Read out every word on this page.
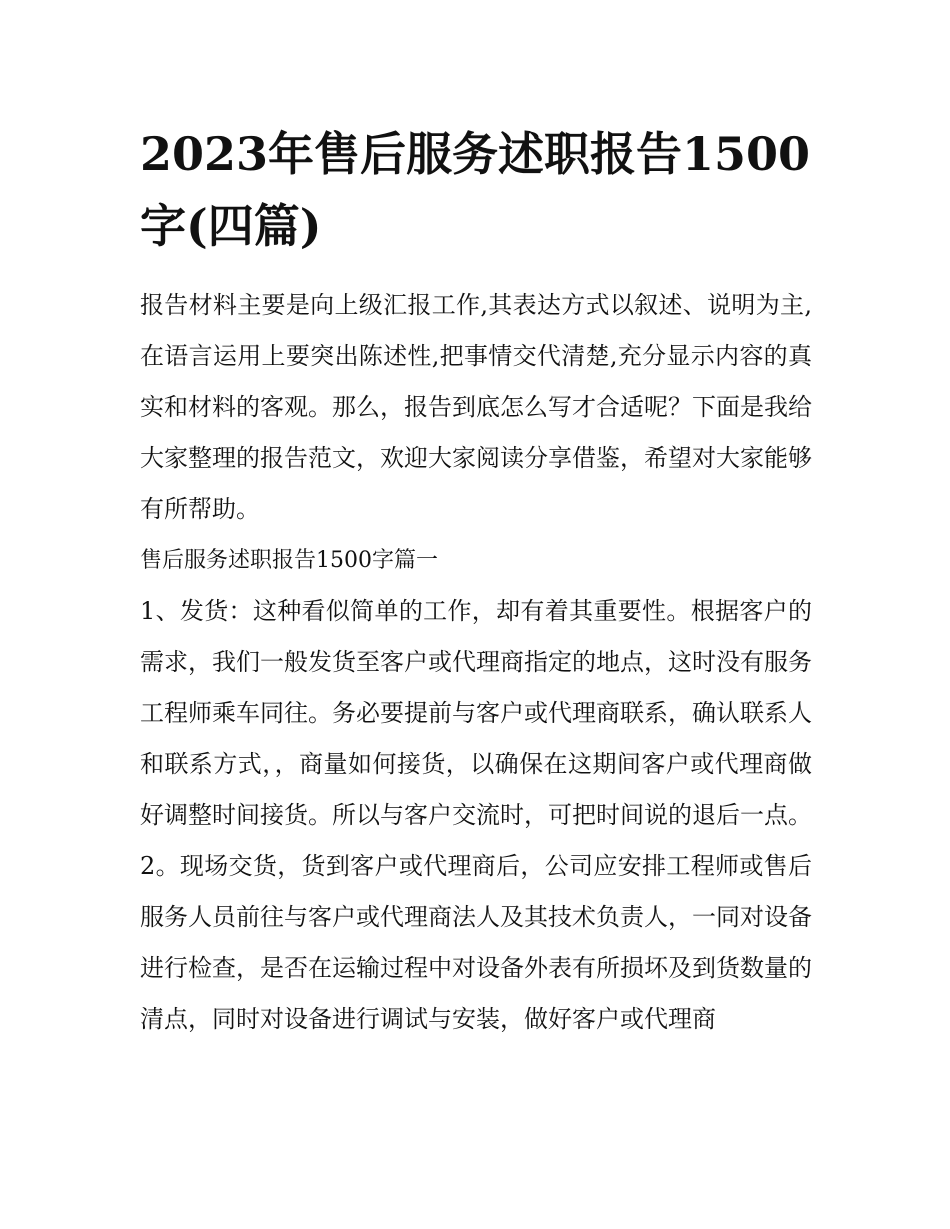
2023年售后服务述职报告1500字(四篇)

报告材料主要是向上级汇报工作,其表达方式以叙述、说明为主,在语言运用上要突出陈述性,把事情交代清楚,充分显示内容的真实和材料的客观。那么，报告到底怎么写才合适呢？下面是我给大家整理的报告范文，欢迎大家阅读分享借鉴，希望对大家能够有所帮助。

售后服务述职报告1500字篇一

1、发货：这种看似简单的工作，却有着其重要性。根据客户的需求，我们一般发货至客户或代理商指定的地点，这时没有服务工程师乘车同往。务必要提前与客户或代理商联系，确认联系人和联系方式，，商量如何接货，以确保在这期间客户或代理商做好调整时间接货。所以与客户交流时，可把时间说的退后一点。

2。现场交货，货到客户或代理商后，公司应安排工程师或售后服务人员前往与客户或代理商法人及其技术负责人，一同对设备进行检查，是否在运输过程中对设备外表有所损坏及到货数量的清点，同时对设备进行调试与安装，做好客户或代理商
